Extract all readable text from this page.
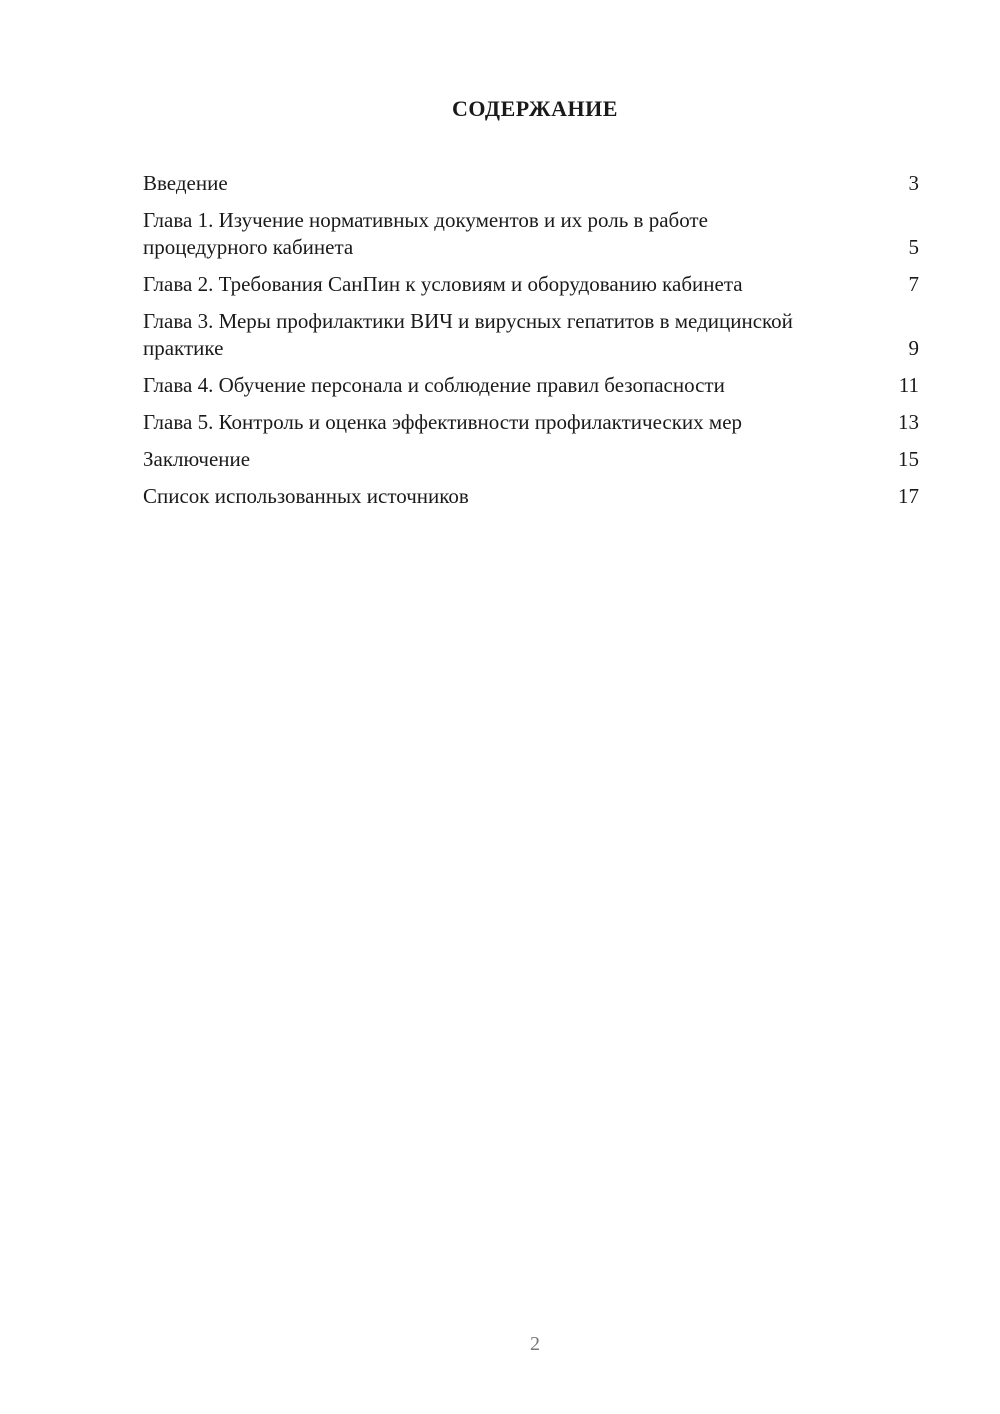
СОДЕРЖАНИЕ
Введение	3
Глава 1. Изучение нормативных документов и их роль в работе процедурного кабинета	5
Глава 2. Требования СанПин к условиям и оборудованию кабинета	7
Глава 3. Меры профилактики ВИЧ и вирусных гепатитов в медицинской практике	9
Глава 4. Обучение персонала и соблюдение правил безопасности	11
Глава 5. Контроль и оценка эффективности профилактических мер	13
Заключение	15
Список использованных источников	17
2
